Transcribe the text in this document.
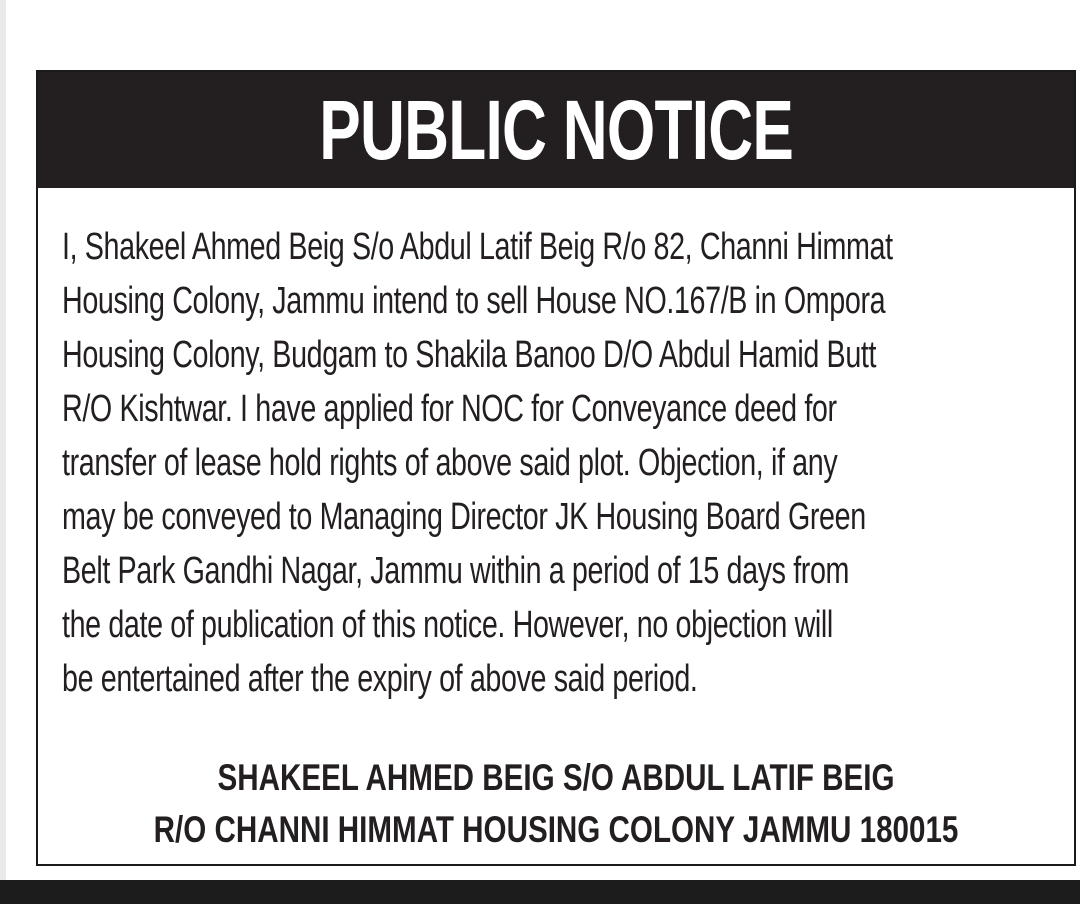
PUBLIC NOTICE
I, Shakeel Ahmed Beig S/o Abdul Latif Beig R/o 82, Channi Himmat
Housing Colony, Jammu intend to sell House NO.167/B in Ompora
Housing Colony, Budgam to Shakila Banoo D/O Abdul Hamid Butt
R/O Kishtwar. I have applied for NOC for Conveyance deed for
transfer of lease hold rights of above said plot. Objection, if any
may be conveyed to Managing Director JK Housing Board Green
Belt Park Gandhi Nagar, Jammu within a period of 15 days from
the date of publication of this notice. However, no objection will
be entertained after the expiry of above said period.
SHAKEEL AHMED BEIG S/O ABDUL LATIF BEIG
R/O CHANNI HIMMAT HOUSING COLONY JAMMU 180015
